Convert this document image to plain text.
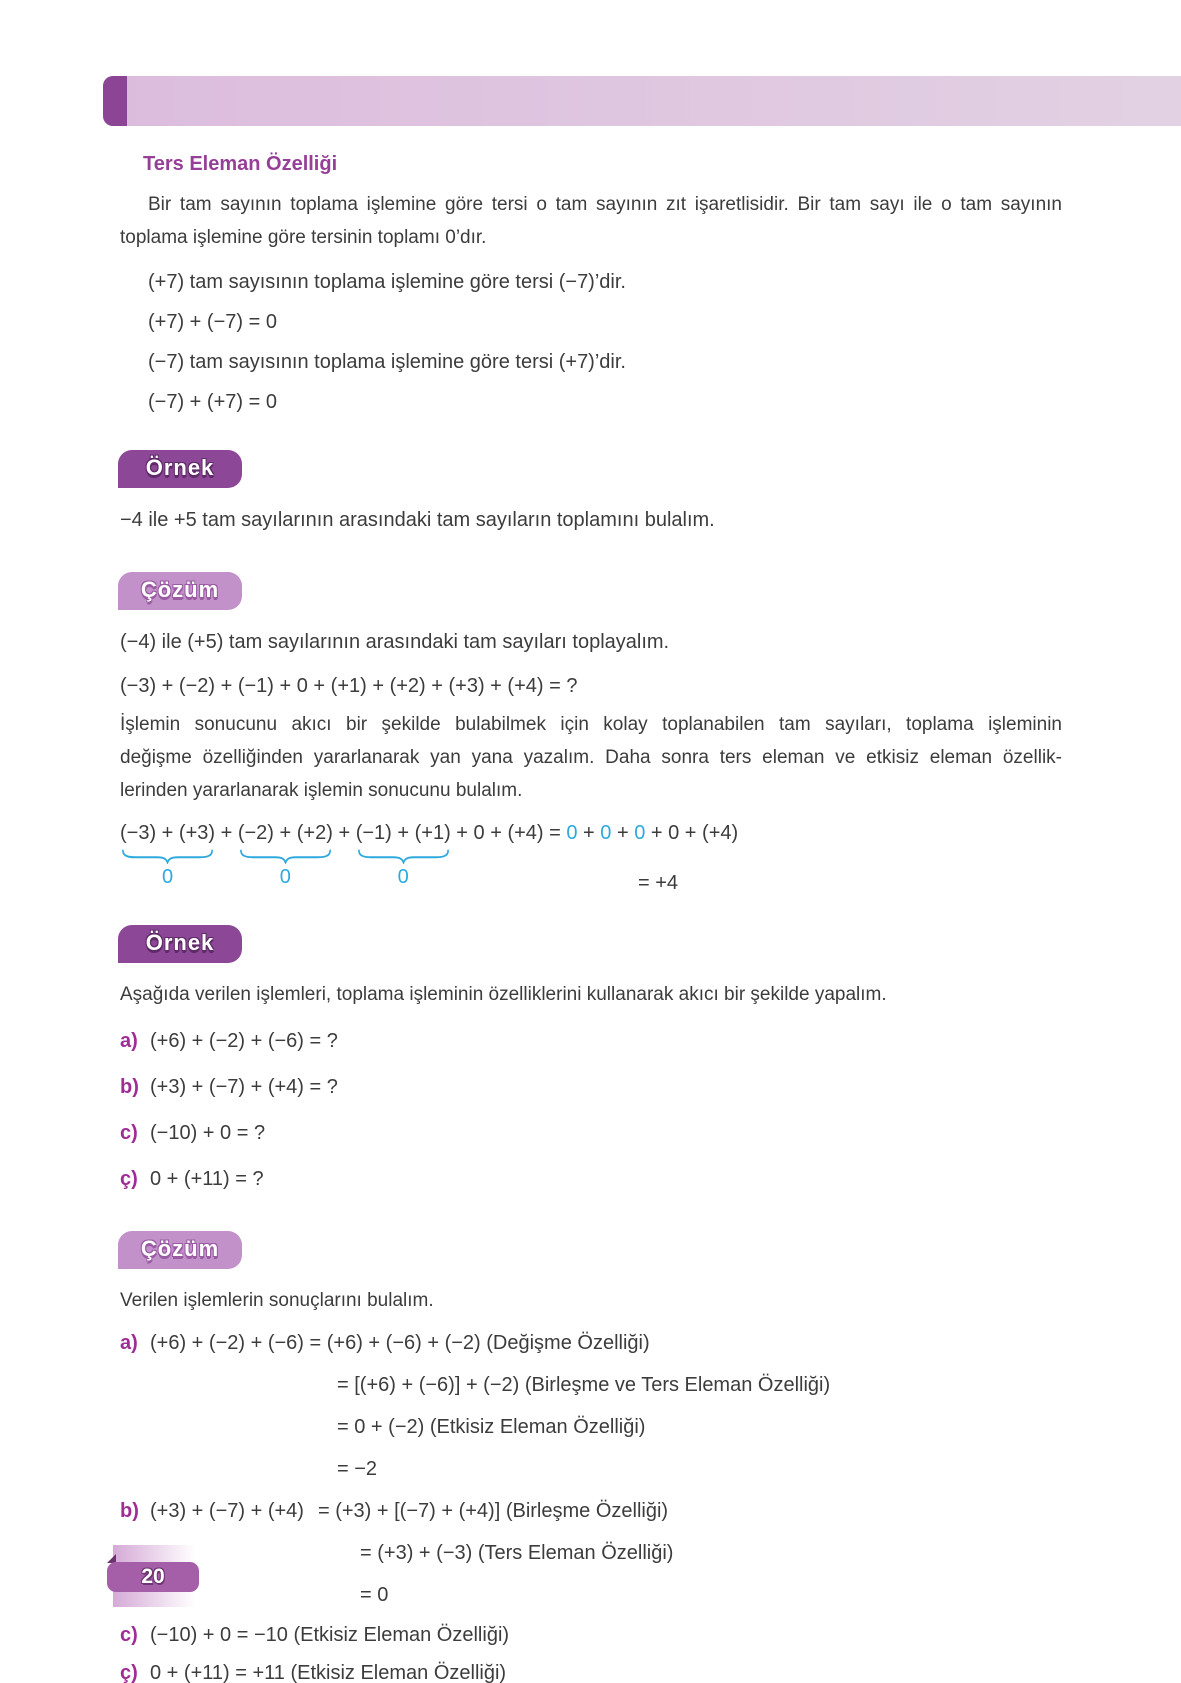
Ters Eleman Özelliği
Bir tam sayının toplama işlemine göre tersi o tam sayının zıt işaretlisidir. Bir tam sayı ile o tam sayının
toplama işlemine göre tersinin toplamı 0’dır.
(+7) tam sayısının toplama işlemine göre tersi (−7)’dir.
(+7) + (−7) = 0
(−7) tam sayısının toplama işlemine göre tersi (+7)’dir.
(−7) + (+7) = 0
Örnek
−4 ile +5 tam sayılarının arasındaki tam sayıların toplamını bulalım.
Çözüm
(−4) ile (+5) tam sayılarının arasındaki tam sayıları toplayalım.
(−3) + (−2) + (−1) + 0 + (+1) + (+2) + (+3) + (+4) = ?
İşlemin sonucunu akıcı bir şekilde bulabilmek için kolay toplanabilen tam sayıları, toplama işleminin
değişme özelliğinden yararlanarak yan yana yazalım. Daha sonra ters eleman ve etkisiz eleman özellik-
lerinden yararlanarak işlemin sonucunu bulalım.
(−3) + (+3)
0
+ (−2) + (+2)
0
+ (−1) + (+1)
0
+ 0 + (+4) = 0 + 0 + 0 + 0 + (+4)
= +4
Örnek
Aşağıda verilen işlemleri, toplama işleminin özelliklerini kullanarak akıcı bir şekilde yapalım.
a) (+6) + (−2) + (−6) = ?
b) (+3) + (−7) + (+4) = ?
c) (−10) + 0 = ?
ç) 0 + (+11) = ?
Çözüm
Verilen işlemlerin sonuçlarını bulalım.
a) (+6) + (−2) + (−6) = (+6) + (−6) + (−2) (Değişme Özelliği)
= [(+6) + (−6)] + (−2) (Birleşme ve Ters Eleman Özelliği)
= 0 + (−2) (Etkisiz Eleman Özelliği)
= −2
b) (+3) + (−7) + (+4) = (+3) + [(−7) + (+4)] (Birleşme Özelliği)
= (+3) + (−3) (Ters Eleman Özelliği)
= 0
c) (−10) + 0 = −10 (Etkisiz Eleman Özelliği)
ç) 0 + (+11) = +11 (Etkisiz Eleman Özelliği)
20
